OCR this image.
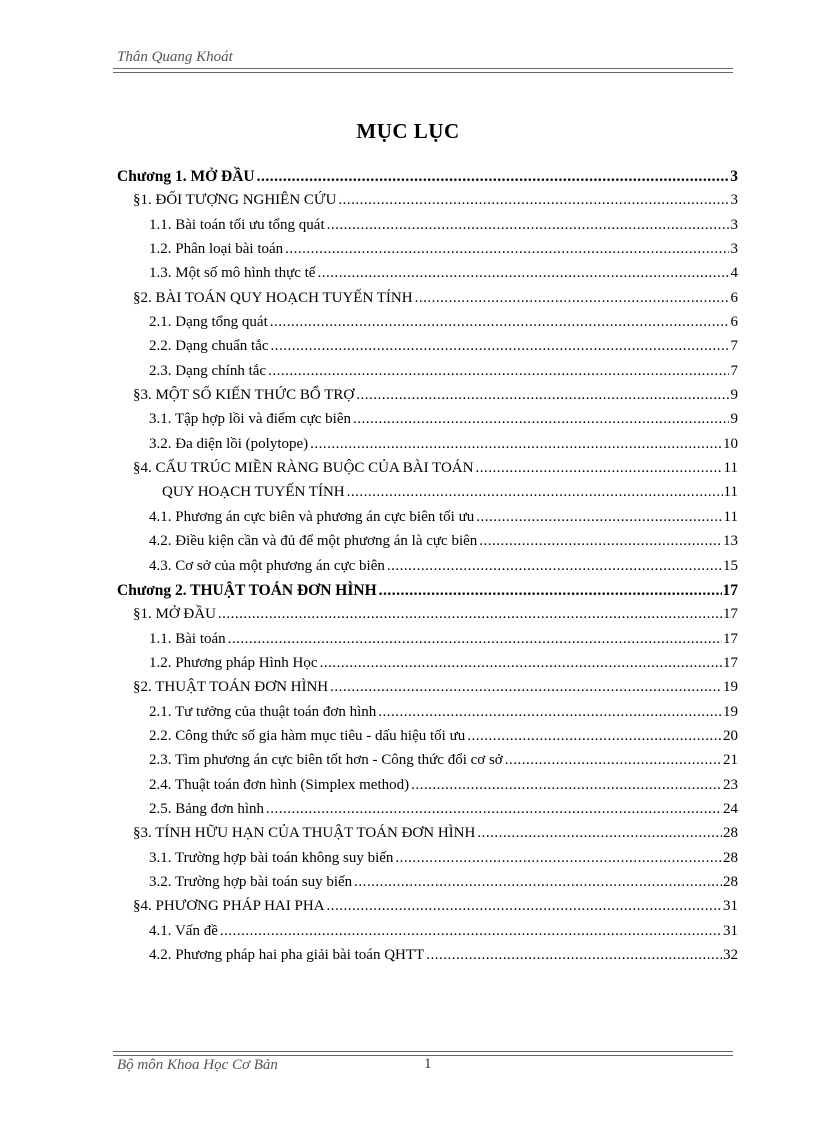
Thân Quang Khoát
MỤC LỤC
Chương 1. MỞ ĐẦU .....	3
§1. ĐỐI TƯỢNG NGHIÊN CỨU .....	3
1.1. Bài toán tối ưu tổng quát .....	3
1.2. Phân loại bài toán .....	3
1.3. Một số mô hình thực tế .....	4
§2. BÀI TOÁN QUY HOẠCH TUYẾN TÍNH .....	6
2.1. Dạng tổng quát .....	6
2.2. Dạng chuẩn tắc .....	7
2.3. Dạng chính tắc .....	7
§3. MỘT SỐ KIẾN THỨC BỔ TRỢ .....	9
3.1. Tập hợp lồi và điểm cực biên .....	9
3.2. Đa diện lồi (polytope) .....	10
§4. CẤU TRÚC MIỀN RÀNG BUỘC CỦA BÀI TOÁN .....	11
QUY HOẠCH TUYẾN TÍNH .....	11
4.1. Phương án cực biên và phương án cực biên tối ưu .....	11
4.2. Điều kiện cần và đủ để một phương án là cực biên .....	13
4.3. Cơ sở của một phương án cực biên .....	15
Chương 2. THUẬT TOÁN ĐƠN HÌNH .....	17
§1. MỞ ĐẦU .....	17
1.1. Bài toán .....	17
1.2. Phương pháp Hình Học .....	17
§2. THUẬT TOÁN ĐƠN HÌNH .....	19
2.1. Tư tưởng của thuật toán đơn hình .....	19
2.2. Công thức số gia hàm mục tiêu - dấu hiệu tối ưu .....	20
2.3. Tìm phương án cực biên tốt hơn - Công thức đổi cơ sở .....	21
2.4. Thuật toán đơn hình (Simplex method) .....	23
2.5. Bảng đơn hình .....	24
§3. TÍNH HỮU HẠN CỦA THUẬT TOÁN ĐƠN HÌNH .....	28
3.1. Trường hợp bài toán không suy biến .....	28
3.2. Trường hợp bài toán suy biến .....	28
§4. PHƯƠNG PHÁP HAI PHA .....	31
4.1. Vấn đề .....	31
4.2. Phương pháp hai pha giải bài toán QHTT .....	32
Bộ môn Khoa Học Cơ Bản	1
